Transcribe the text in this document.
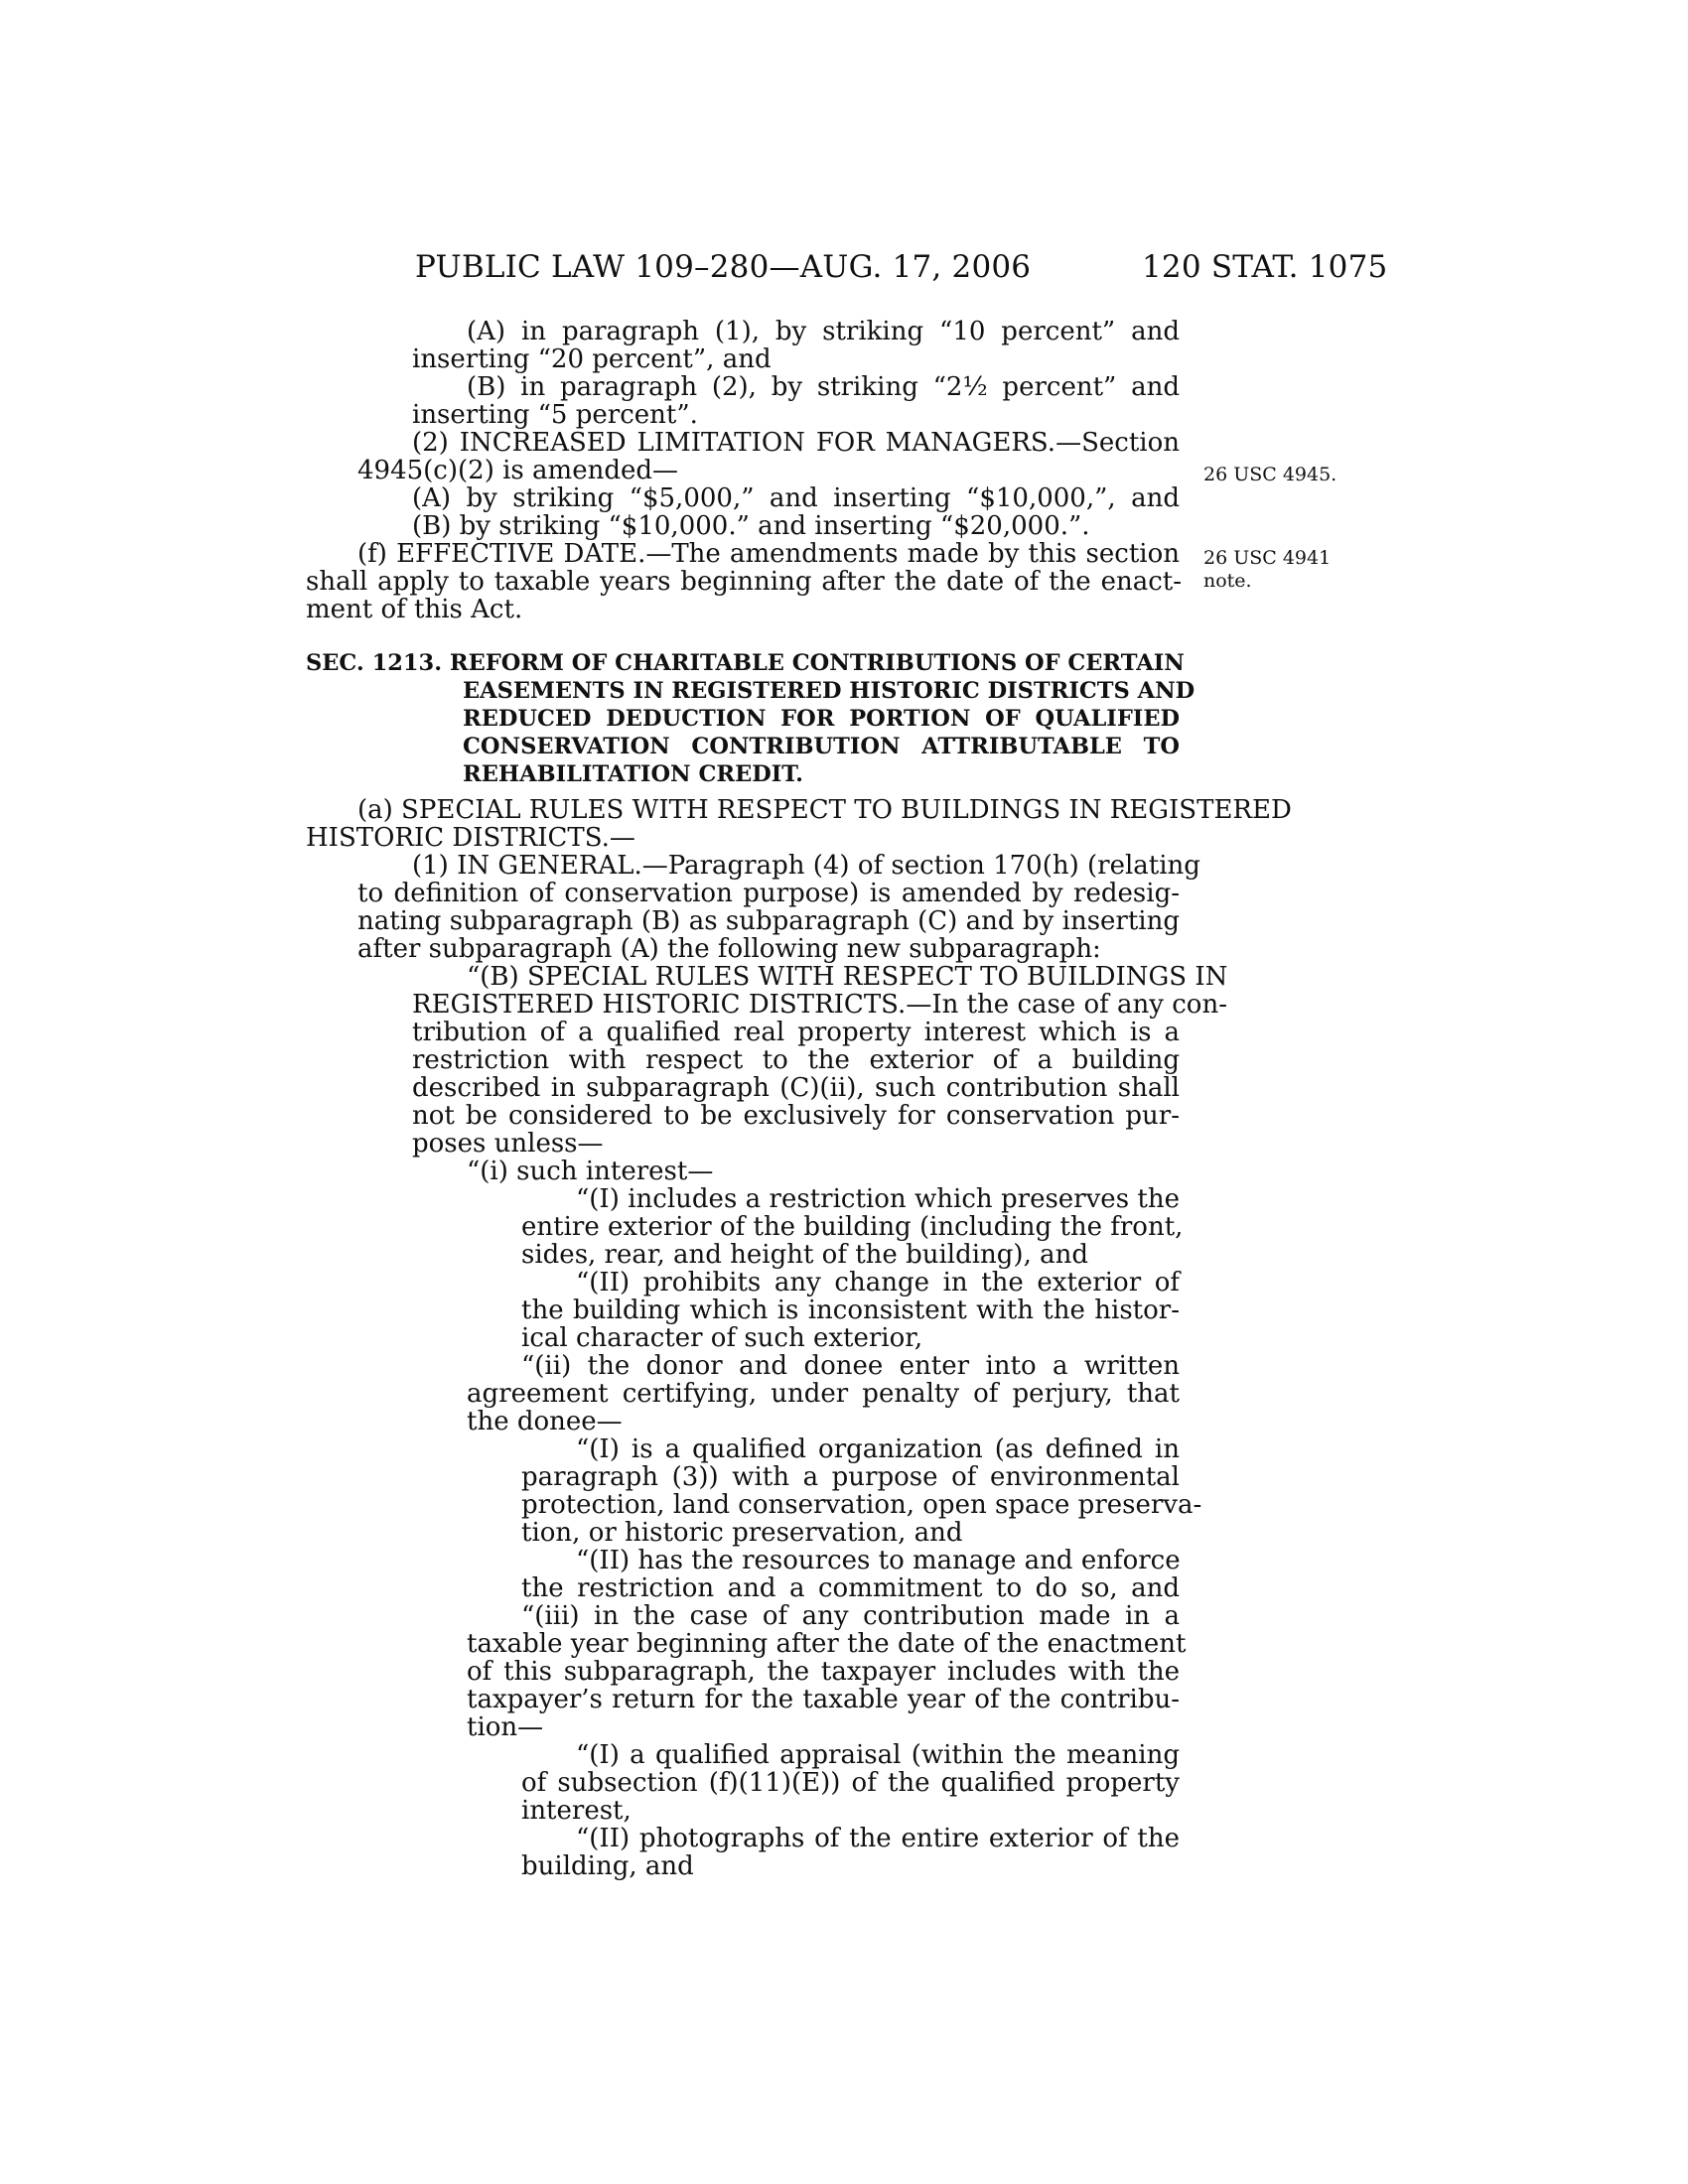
PUBLIC LAW 109–280—AUG. 17, 2006	120 STAT. 1075
(A) in paragraph (1), by striking “10 percent” and
inserting “20 percent”, and
(B) in paragraph (2), by striking “2½ percent” and
inserting “5 percent”.
(2) INCREASED LIMITATION FOR MANAGERS.—Section
4945(c)(2) is amended—
(A) by striking “$5,000,” and inserting “$10,000,”, and
(B) by striking “$10,000.” and inserting “$20,000.”.
(f) EFFECTIVE DATE.—The amendments made by this section
shall apply to taxable years beginning after the date of the enact-
ment of this Act.
SEC. 1213. REFORM OF CHARITABLE CONTRIBUTIONS OF CERTAIN
EASEMENTS IN REGISTERED HISTORIC DISTRICTS AND
REDUCED DEDUCTION FOR PORTION OF QUALIFIED
CONSERVATION CONTRIBUTION ATTRIBUTABLE TO
REHABILITATION CREDIT.
(a) SPECIAL RULES WITH RESPECT TO BUILDINGS IN REGISTERED
HISTORIC DISTRICTS.—
(1) IN GENERAL.—Paragraph (4) of section 170(h) (relating
to definition of conservation purpose) is amended by redesig-
nating subparagraph (B) as subparagraph (C) and by inserting
after subparagraph (A) the following new subparagraph:
“(B) SPECIAL RULES WITH RESPECT TO BUILDINGS IN
REGISTERED HISTORIC DISTRICTS.—In the case of any con-
tribution of a qualified real property interest which is a
restriction with respect to the exterior of a building
described in subparagraph (C)(ii), such contribution shall
not be considered to be exclusively for conservation pur-
poses unless—
“(i) such interest—
“(I) includes a restriction which preserves the
entire exterior of the building (including the front,
sides, rear, and height of the building), and
“(II) prohibits any change in the exterior of
the building which is inconsistent with the histor-
ical character of such exterior,
“(ii) the donor and donee enter into a written
agreement certifying, under penalty of perjury, that
the donee—
“(I) is a qualified organization (as defined in
paragraph (3)) with a purpose of environmental
protection, land conservation, open space preserva-
tion, or historic preservation, and
“(II) has the resources to manage and enforce
the restriction and a commitment to do so, and
“(iii) in the case of any contribution made in a
taxable year beginning after the date of the enactment
of this subparagraph, the taxpayer includes with the
taxpayer’s return for the taxable year of the contribu-
tion—
“(I) a qualified appraisal (within the meaning
of subsection (f)(11)(E)) of the qualified property
interest,
“(II) photographs of the entire exterior of the
building, and
26 USC 4945.
26 USC 4941
note.
